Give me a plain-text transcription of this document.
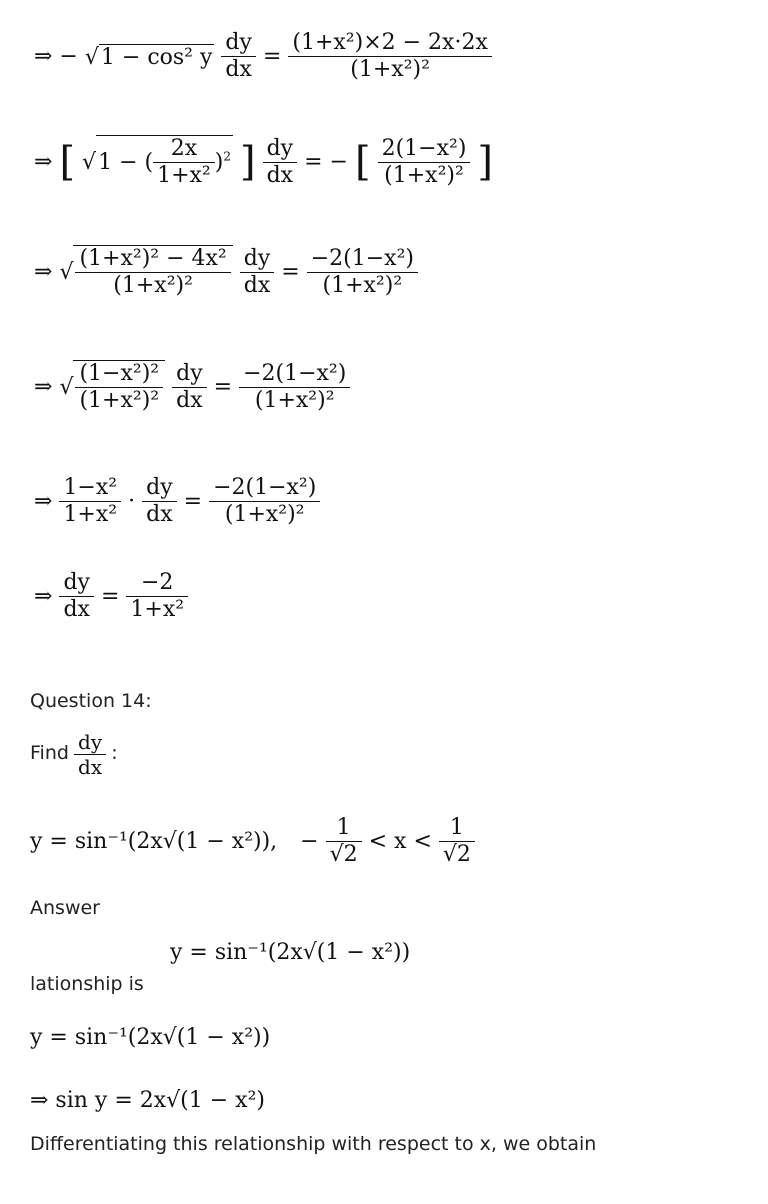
⇒ − √1 − cos² y $\frac{dy}{dx} = \frac{\text{(1+x²)×2 − 2x·2x}}{\text{(1+x²)²}}$
⇒ [ √1 − ( $\frac{2x}{\text{1+x²}} )^2$ ] $\frac{dy}{dx}$ = − [ $\frac{\text{2(1−x²)}}{\text{(1+x²)²}}$ ]
⇒ √ $\frac{\text{(1+x²)² − 4x²}}{\text{(1+x²)²}}$
$\frac{dy}{dx} = \frac{\text{−2(1−x²)}}{\text{(1+x²)²}}$
⇒ √ $\frac{\text{(1−x²)²}}{\text{(1+x²)²}}$
$\frac{dy}{dx} = \frac{\text{−2(1−x²)}}{\text{(1+x²)²}}$
⇒ $\frac{\text{1−x²}}{\text{1+x²}} \cdot \frac{dy}{dx} = \frac{\text{−2(1−x²)}}{\text{(1+x²)²}}$
⇒ $\frac{dy}{dx} = \frac{-2}{\text{1+x²}}$
Question 14:
Find $\frac{dy}{dx}$ :
y = sin⁻¹(2x√(1 − x²)), − $\frac{1}{√2} < x < \frac{1}{√2}$
Answer
y = sin⁻¹(2x√(1 − x²))
lationship is
y = sin⁻¹(2x√(1 − x²))
⇒ sin y = 2x√(1 − x²)
Differentiating this relationship with respect to x, we obtain
